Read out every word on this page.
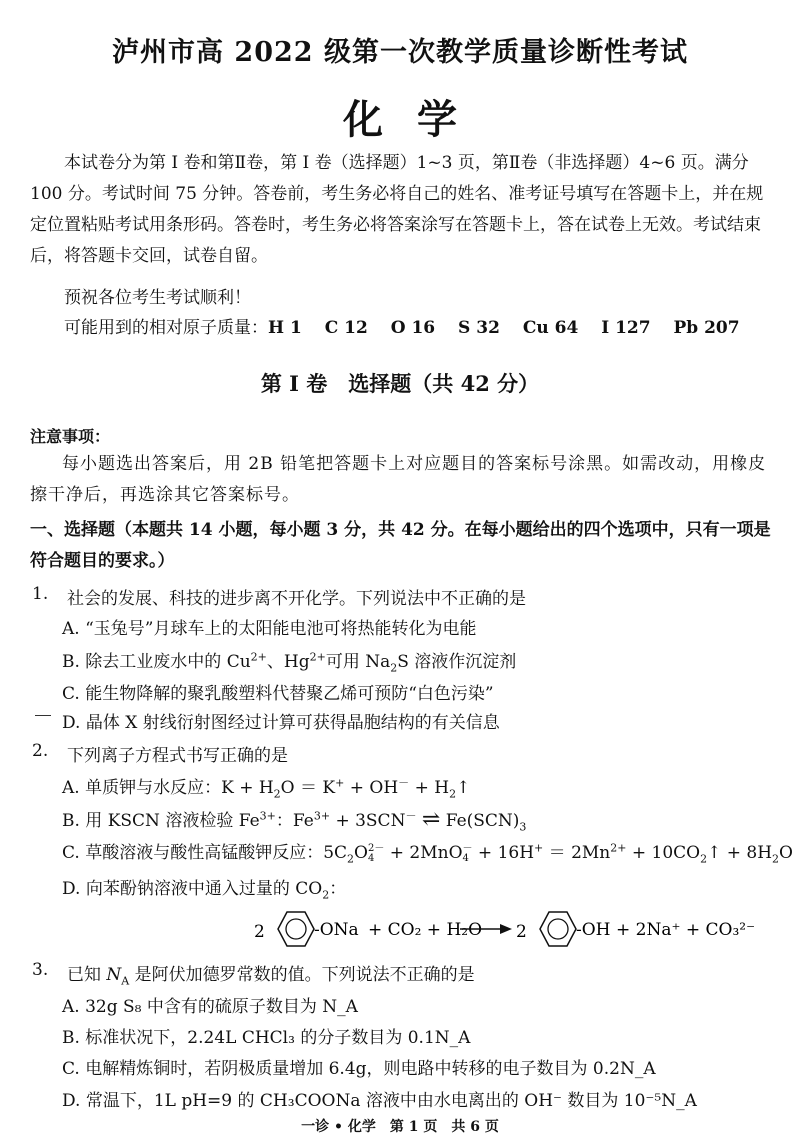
泸州市高 2022 级第一次教学质量诊断性考试
化学
本试卷分为第 I 卷和第Ⅱ卷，第 I 卷（选择题）1~3 页，第Ⅱ卷（非选择题）4~6 页。满分 100 分。考试时间 75 分钟。答卷前，考生务必将自己的姓名、准考证号填写在答题卡上，并在规定位置粘贴考试用条形码。答卷时，考生务必将答案涂写在答题卡上，答在试卷上无效。考试结束后，将答题卡交回，试卷自留。
预祝各位考生考试顺利！
可能用到的相对原子质量：H 1　 C 12　 O 16　 S 32　 Cu 64　 I 127　 Pb 207
第 I 卷　选择题（共 42 分）
注意事项：
每小题选出答案后，用 2B 铅笔把答题卡上对应题目的答案标号涂黑。如需改动，用橡皮擦干净后，再选涂其它答案标号。
一、选择题（本题共 14 小题，每小题 3 分，共 42 分。在每小题给出的四个选项中，只有一项是符合题目的要求。）
1. 社会的发展、科技的进步离不开化学。下列说法中不正确的是
A. “玉兔号”月球车上的太阳能电池可将热能转化为电能
B. 除去工业废水中的 $Cu^{2+}$、$Hg^{2+}$可用 $Na_2S$ 溶液作沉淀剂
C. 能生物降解的聚乳酸塑料代替聚乙烯可预防“白色污染”
D. 晶体 X 射线衍射图经过计算可获得晶胞结构的有关信息
2. 下列离子方程式书写正确的是
A. 单质钾与水反应：$K + H_2O = K^+ + OH^-$ + $H_2↑$
B. 用 KSCN 溶液检验 $Fe^{3+}$：$Fe^{3+} + 3SCN^-$ ⇌ $Fe(SCN)_3$
C. 草酸溶液与酸性高锰酸钾反应：$5C_2O$ 2－
4 + 2MnO －
$4 + 16H^+ = 2Mn^{2+}$ + $10CO_2↑ + 8H_2O$
D. 向苯酚钠溶液中通入过量的 $CO_2$：
2	-ONa + CO₂ + H₂O 2	-OH + 2Na⁺ + CO₃²⁻
3. 已知 $N_A$ 是阿伏加德罗常数的值。下列说法不正确的是
A. 32g S₈ 中含有的硫原子数目为 N_A
B. 标准状况下，2.24L CHCl₃ 的分子数目为 0.1N_A
C. 电解精炼铜时，若阴极质量增加 6.4g，则电路中转移的电子数目为 0.2N_A
D. 常温下，1L pH=9 的 CH₃COONa 溶液中由水电离出的 OH⁻ 数目为 10⁻⁵N_A
一诊 • 化学　第 1 页　共 6 页
